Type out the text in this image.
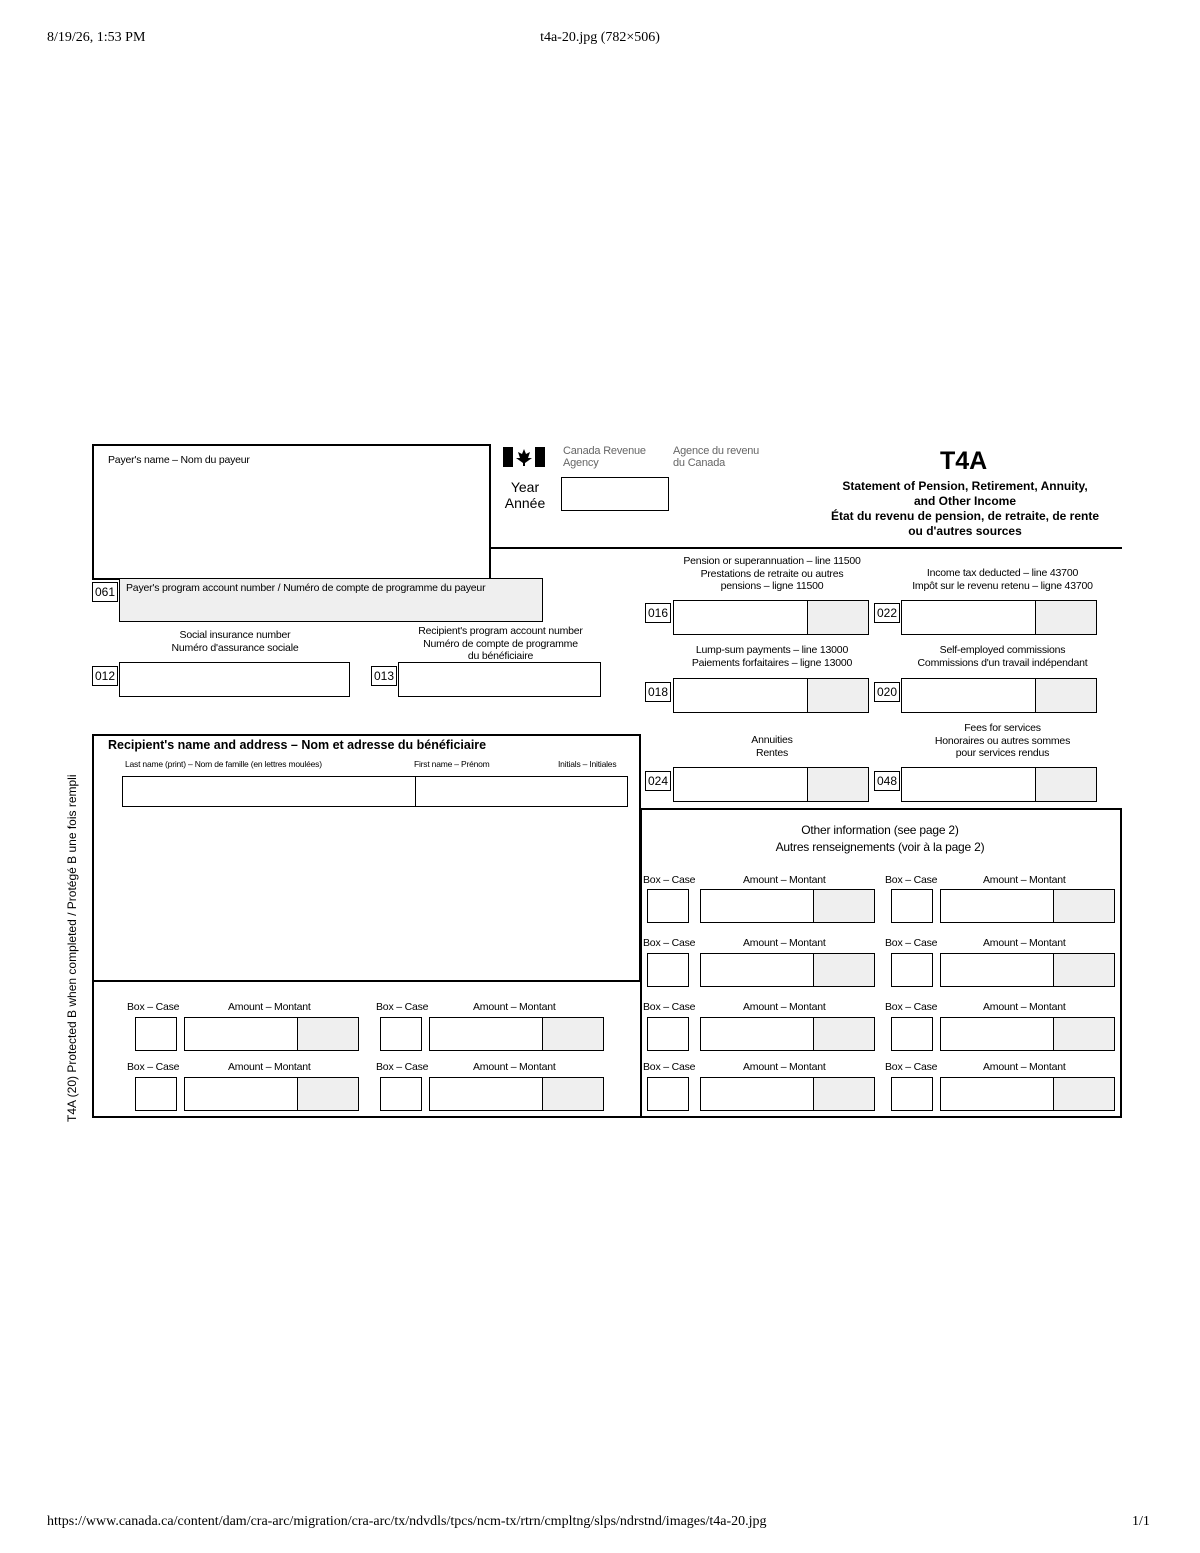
8/19/26, 1:53 PM	t4a-20.jpg (782×506)
Payer's name – Nom du payeur
Canada Revenue
Agency
Agence du revenu
du Canada
Year
Année
T4A
Statement of Pension, Retirement, Annuity,
and Other Income
État du revenu de pension, de retraite, de rente
ou d'autres sources
061 Payer's program account number / Numéro de compte de programme du payeur
Social insurance number
Numéro d'assurance sociale
012
Recipient's program account number
Numéro de compte de programme
du bénéficiaire
013
Pension or superannuation – line 11500
Prestations de retraite ou autres
pensions – ligne 11500
016
Income tax deducted – line 43700
Impôt sur le revenu retenu – ligne 43700
022
Lump-sum payments – line 13000
Paiements forfaitaires – ligne 13000
018
Self-employed commissions
Commissions d'un travail indépendant
020
Annuities
Rentes
024
Fees for services
Honoraires ou autres sommes
pour services rendus
048
Recipient's name and address – Nom et adresse du bénéficiaire
Last name (print) – Nom de famille (en lettres moulées)	First name – Prénom	Initials – Initiales
Other information (see page 2)
Autres renseignements (voir à la page 2)
Box – Case	Amount – Montant	Box – Case	Amount – Montant
Box – Case	Amount – Montant	Box – Case	Amount – Montant
Box – Case	Amount – Montant	Box – Case	Amount – Montant	Box – Case	Amount – Montant	Box – Case	Amount – Montant
Box – Case	Amount – Montant	Box – Case	Amount – Montant	Box – Case	Amount – Montant	Box – Case	Amount – Montant
T4A (20) Protected B when completed / Protégé B une fois rempli
https://www.canada.ca/content/dam/cra-arc/migration/cra-arc/tx/ndvdls/tpcs/ncm-tx/rtrn/cmpltng/slps/ndrstnd/images/t4a-20.jpg	1/1
